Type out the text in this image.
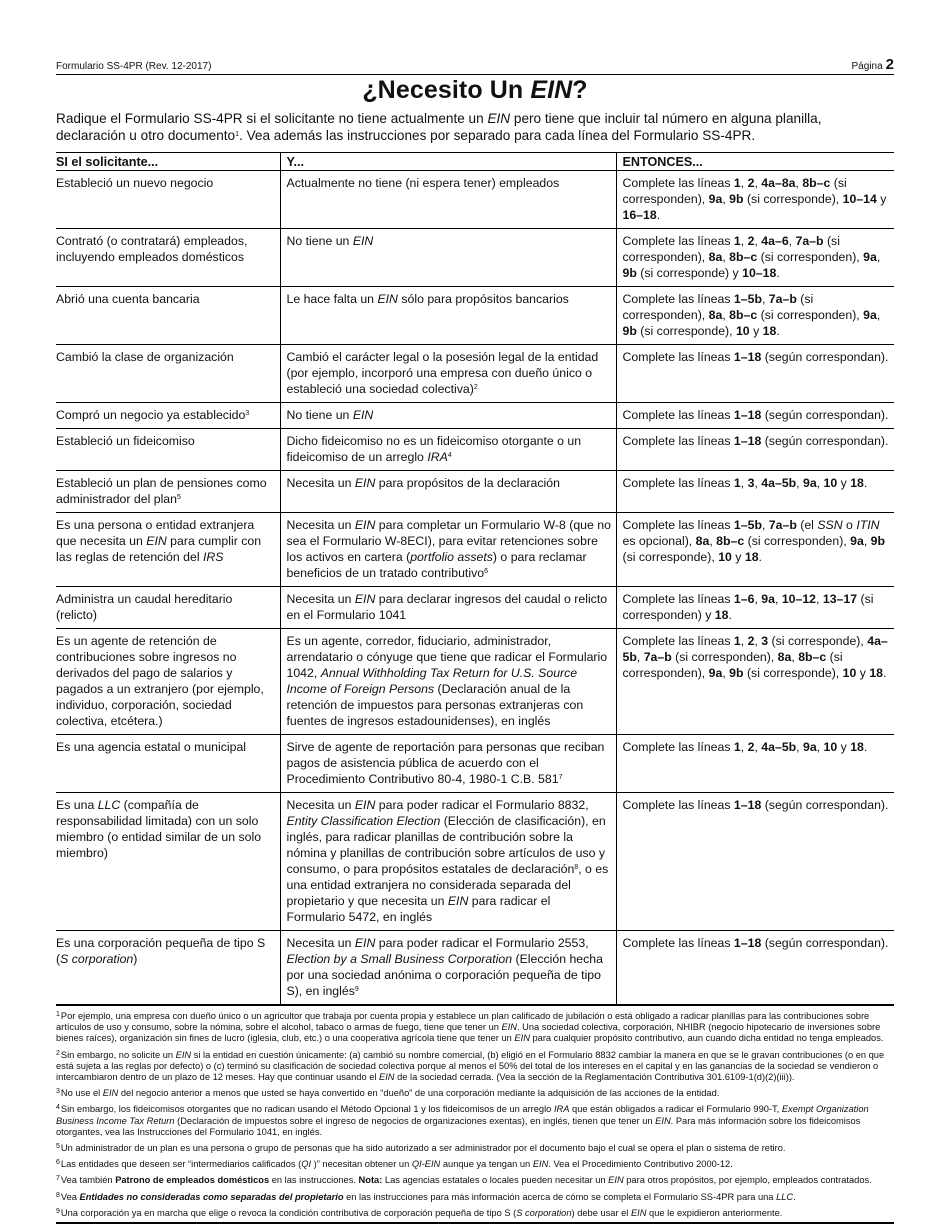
Formulario SS-4PR (Rev. 12-2017)	Página 2
¿Necesito Un EIN?

Radique el Formulario SS-4PR si el solicitante no tiene actualmente un EIN pero tiene que incluir tal número en alguna planilla, declaración u otro documento$^1$. Vea además las instrucciones por separado para cada línea del Formulario SS-4PR.

SI el solicitante...	Y...	ENTONCES...
Estableció un nuevo negocio	Actualmente no tiene (ni espera tener) empleados	Complete las líneas 1, 2, 4a–8a, 8b–c (si corresponden), 9a, 9b (si corresponde), 10–14 y 16–18.
Contrató (o contratará) empleados, incluyendo empleados domésticos	No tiene un EIN	Complete las líneas 1, 2, 4a–6, 7a–b (si corresponden), 8a, 8b–c (si corresponden), 9a, 9b (si corresponde) y 10–18.
Abrió una cuenta bancaria	Le hace falta un EIN sólo para propósitos bancarios	Complete las líneas 1–5b, 7a–b (si corresponden), 8a, 8b–c (si corresponden), 9a, 9b (si corresponde), 10 y 18.
Cambió la clase de organización	Cambió el carácter legal o la posesión legal de la entidad (por ejemplo, incorporó una empresa con dueño único o estableció una sociedad colectiva)$^2$	Complete las líneas 1–18 (según correspondan).
Compró un negocio ya establecido$^3$	No tiene un EIN	Complete las líneas 1–18 (según correspondan).
Estableció un fideicomiso	Dicho fideicomiso no es un fideicomiso otorgante o un fideicomiso de un arreglo IRA$^4$	Complete las líneas 1–18 (según correspondan).
Estableció un plan de pensiones como administrador del plan$^5$	Necesita un EIN para propósitos de la declaración	Complete las líneas 1, 3, 4a–5b, 9a, 10 y 18.
Es una persona o entidad extranjera que necesita un EIN para cumplir con las reglas de retención del IRS	Necesita un EIN para completar un Formulario W-8 (que no sea el Formulario W-8ECI), para evitar retenciones sobre los activos en cartera (portfolio assets) o para reclamar beneficios de un tratado contributivo$^6$	Complete las líneas 1–5b, 7a–b (el SSN o ITIN es opcional), 8a, 8b–c (si corresponden), 9a, 9b (si corresponde), 10 y 18.
Administra un caudal hereditario (relicto)	Necesita un EIN para declarar ingresos del caudal o relicto en el Formulario 1041	Complete las líneas 1–6, 9a, 10–12, 13–17 (si corresponden) y 18.
Es un agente de retención de contribuciones sobre ingresos no derivados del pago de salarios y pagados a un extranjero (por ejemplo, individuo, corporación, sociedad colectiva, etcétera.)	Es un agente, corredor, fiduciario, administrador, arrendatario o cónyuge que tiene que radicar el Formulario 1042, Annual Withholding Tax Return for U.S. Source Income of Foreign Persons (Declaración anual de la retención de impuestos para personas extranjeras con fuentes de ingresos estadounidenses), en inglés	Complete las líneas 1, 2, 3 (si corresponde), 4a–5b, 7a–b (si corresponden), 8a, 8b–c (si corresponden), 9a, 9b (si corresponde), 10 y 18.
Es una agencia estatal o municipal	Sirve de agente de reportación para personas que reciban pagos de asistencia pública de acuerdo con el Procedimiento Contributivo 80-4, 1980-1 C.B. $581^7$	Complete las líneas 1, 2, 4a–5b, 9a, 10 y 18.
Es una LLC (compañía de responsabilidad limitada) con un solo miembro (o entidad similar de un solo miembro)	Necesita un EIN para poder radicar el Formulario 8832, Entity Classification Election (Elección de clasificación), en inglés, para radicar planillas de contribución sobre la nómina y planillas de contribución sobre artículos de uso y consumo, o para propósitos estatales de declaración$^8$, o es una entidad extranjera no considerada separada del propietario y que necesita un EIN para radicar el Formulario 5472, en inglés	Complete las líneas 1–18 (según correspondan).
Es una corporación pequeña de tipo S (S corporation)	Necesita un EIN para poder radicar el Formulario 2553, Election by a Small Business Corporation (Elección hecha por una sociedad anónima o corporación pequeña de tipo S), en inglés$^9$	Complete las líneas 1–18 (según correspondan).

$^1$Por ejemplo, una empresa con dueño único o un agricultor que trabaja por cuenta propia y establece un plan calificado de jubilación o está obligado a radicar planillas para las contribuciones sobre artículos de uso y consumo, sobre la nómina, sobre el alcohol, tabaco o armas de fuego, tiene que tener un EIN. Una sociedad colectiva, corporación, NHIBR (negocio hipotecario de inversiones sobre bienes raíces), organización sin fines de lucro (iglesia, club, etc.) o una cooperativa agrícola tiene que tener un EIN para cualquier propósito contributivo, aun cuando dicha entidad no tenga empleados.

$^2$Sin embargo, no solicite un EIN si la entidad en cuestión únicamente: (a) cambió su nombre comercial, (b) eligió en el Formulario 8832 cambiar la manera en que se le gravan contribuciones (o en que está sujeta a las reglas por defecto) o (c) terminó su clasificación de sociedad colectiva porque al menos el 50% del total de los intereses en el capital y en las ganancias de la sociedad se vendieron o intercambiaron dentro de un plazo de 12 meses. Hay que continuar usando el EIN de la sociedad cerrada. (Vea la sección de la Reglamentación Contributiva 301.6109-1(d)(2)(iii)).

$^3$No use el EIN del negocio anterior a menos que usted se haya convertido en “dueño” de una corporación mediante la adquisición de las acciones de la entidad.

$^4$Sin embargo, los fideicomisos otorgantes que no radican usando el Método Opcional 1 y los fideicomisos de un arreglo IRA que están obligados a radicar el Formulario 990-T, Exempt Organization Business Income Tax Return (Declaración de impuestos sobre el ingreso de negocios de organizaciones exentas), en inglés, tienen que tener un EIN. Para más información sobre los fideicomisos otorgantes, vea las Instrucciones del Formulario 1041, en inglés.

$^5$Un administrador de un plan es una persona o grupo de personas que ha sido autorizado a ser administrador por el documento bajo el cual se opera el plan o sistema de retiro.

$^6$Las entidades que deseen ser “intermediarios calificados (QI )” necesitan obtener un QI-EIN aunque ya tengan un EIN. Vea el Procedimiento Contributivo 2000-12.

$^7$Vea también Patrono de empleados domésticos en las instrucciones. Nota: Las agencias estatales o locales pueden necesitar un EIN para otros propósitos, por ejemplo, empleados contratados.

$^8$Vea Entidades no consideradas como separadas del propietario en las instrucciones para más información acerca de cómo se completa el Formulario SS-4PR para una LLC.

$^9$Una corporación ya en marcha que elige o revoca la condición contributiva de corporación pequeña de tipo S (S corporation) debe usar el EIN que le expidieron anteriormente.
